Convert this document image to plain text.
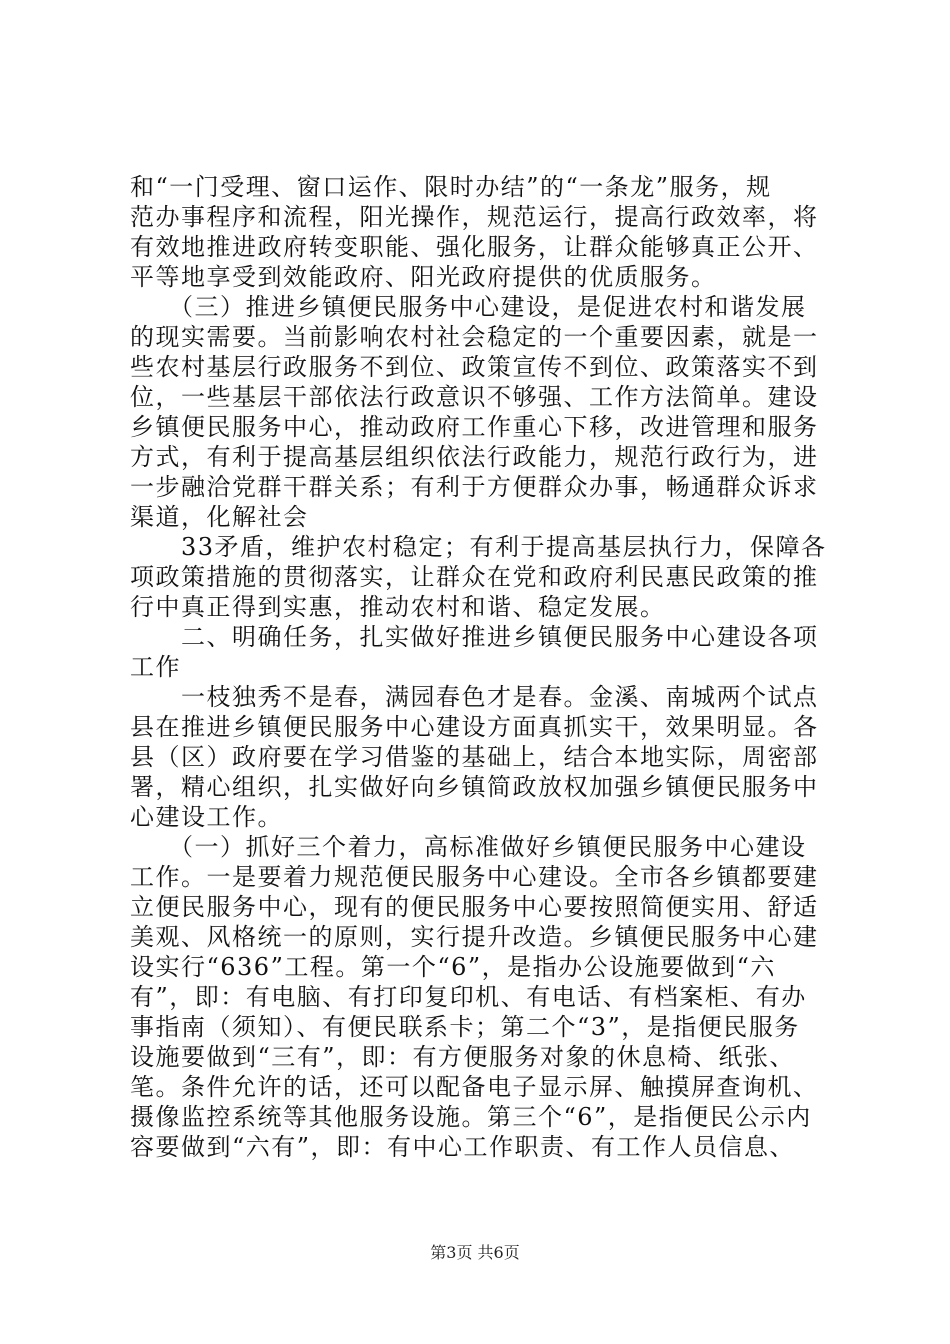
和“一门受理、窗口运作、限时办结”的“一条龙”服务，规
范办事程序和流程，阳光操作，规范运行，提高行政效率，将
有效地推进政府转变职能、强化服务，让群众能够真正公开、
平等地享受到效能政府、阳光政府提供的优质服务。
　　（三）推进乡镇便民服务中心建设，是促进农村和谐发展
的现实需要。当前影响农村社会稳定的一个重要因素，就是一
些农村基层行政服务不到位、政策宣传不到位、政策落实不到
位，一些基层干部依法行政意识不够强、工作方法简单。建设
乡镇便民服务中心，推动政府工作重心下移，改进管理和服务
方式，有利于提高基层组织依法行政能力，规范行政行为，进
一步融洽党群干群关系；有利于方便群众办事，畅通群众诉求
渠道，化解社会
　　33矛盾，维护农村稳定；有利于提高基层执行力，保障各
项政策措施的贯彻落实，让群众在党和政府利民惠民政策的推
行中真正得到实惠，推动农村和谐、稳定发展。
　　二、明确任务，扎实做好推进乡镇便民服务中心建设各项
工作
　　一枝独秀不是春，满园春色才是春。金溪、南城两个试点
县在推进乡镇便民服务中心建设方面真抓实干，效果明显。各
县（区）政府要在学习借鉴的基础上，结合本地实际，周密部
署，精心组织，扎实做好向乡镇简政放权加强乡镇便民服务中
心建设工作。
　　（一）抓好三个着力，高标准做好乡镇便民服务中心建设
工作。一是要着力规范便民服务中心建设。全市各乡镇都要建
立便民服务中心，现有的便民服务中心要按照简便实用、舒适
美观、风格统一的原则，实行提升改造。乡镇便民服务中心建
设实行“636”工程。第一个“6”，是指办公设施要做到“六
有”，即：有电脑、有打印复印机、有电话、有档案柜、有办
事指南（须知）、有便民联系卡；第二个“3”，是指便民服务
设施要做到“三有”，即：有方便服务对象的休息椅、纸张、
笔。条件允许的话，还可以配备电子显示屏、触摸屏查询机、
摄像监控系统等其他服务设施。第三个“6”，是指便民公示内
容要做到“六有”，即：有中心工作职责、有工作人员信息、
第3页 共6页
